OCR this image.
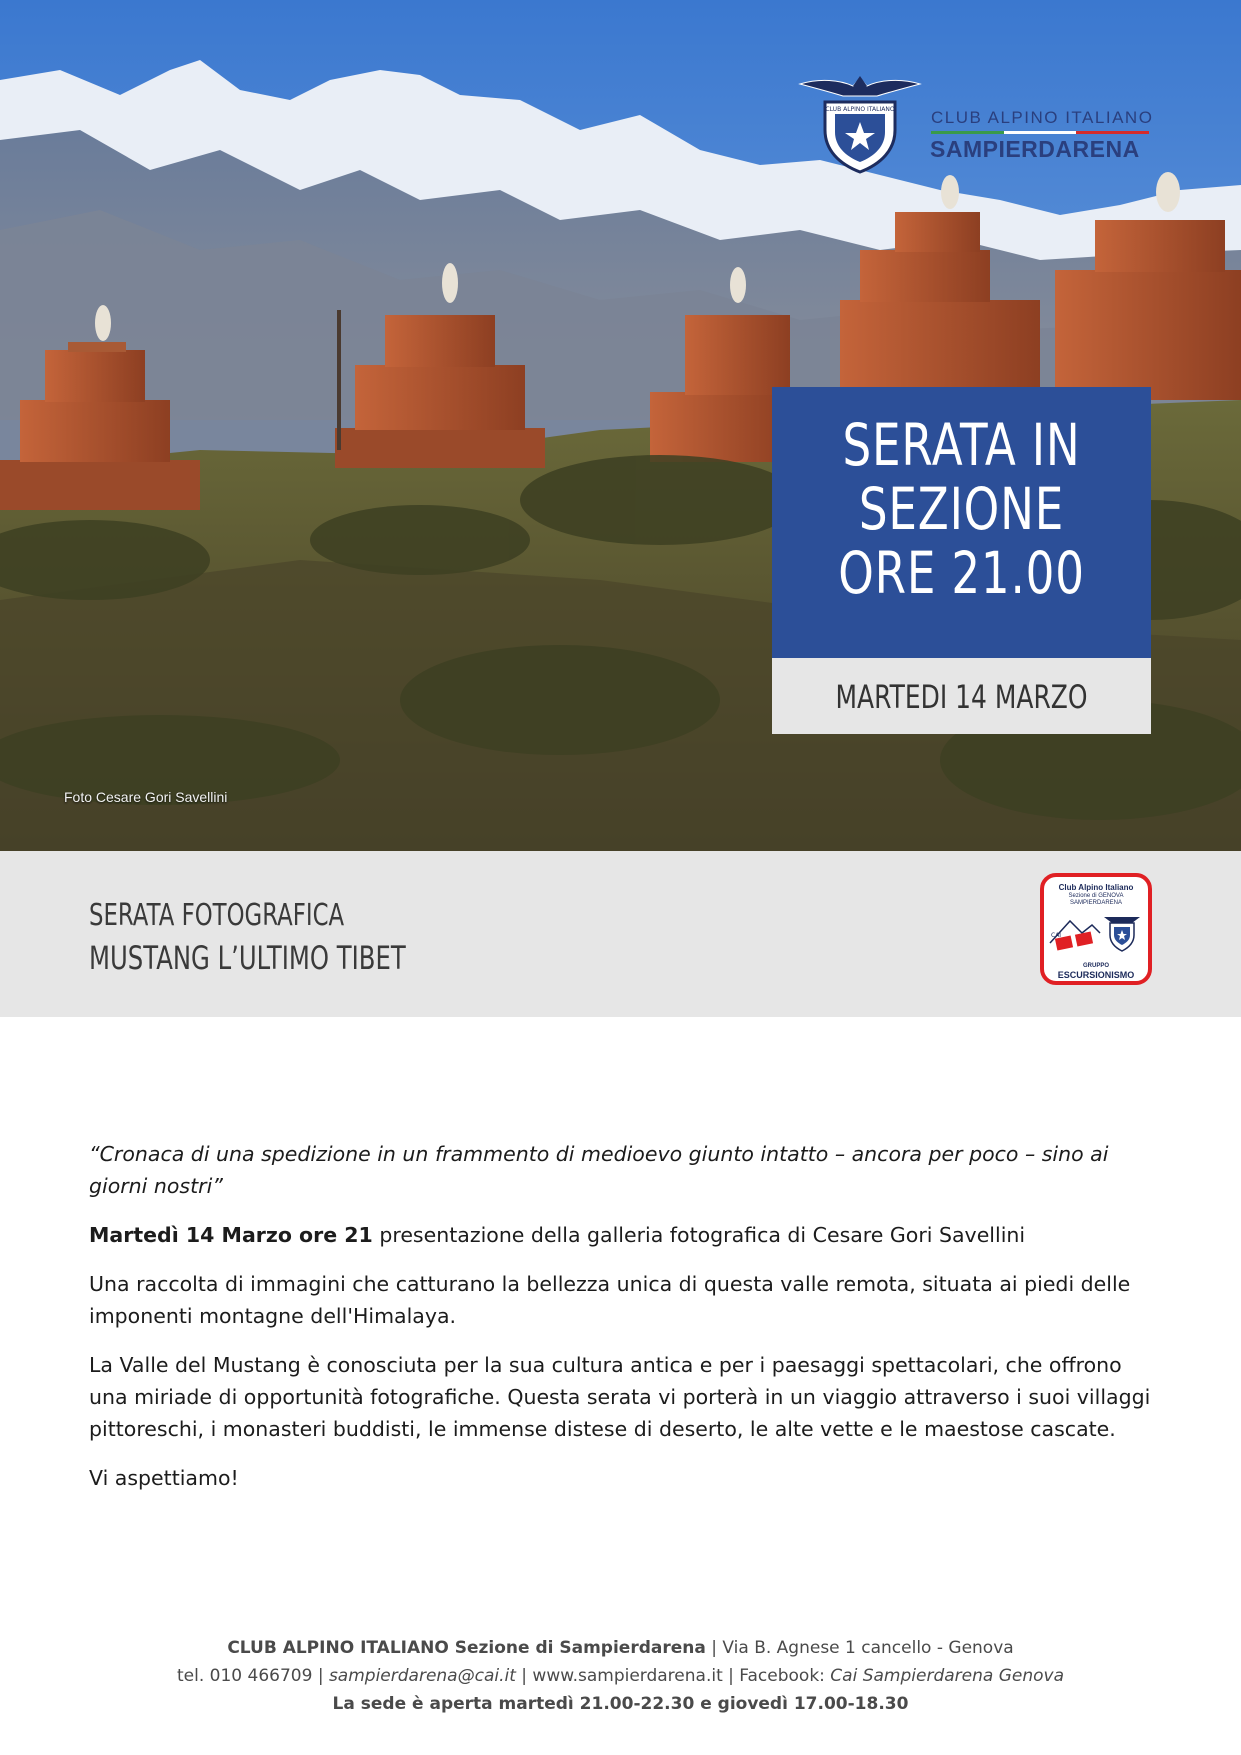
Foto Cesare Gori Savellini
CLUB ALPINO ITALIANO CLUB ALPINO ITALIANO
SAMPIERDARENA
SERATA IN
SEZIONE
ORE 21.00
MARTEDI 14 MARZO
SERATA FOTOGRAFICA
MUSTANG L’ULTIMO TIBET
Club Alpino Italiano
Sezione di GENOVA
SAMPIERDARENA
CAI
GRUPPO
ESCURSIONISMO

“Cronaca di una spedizione in un frammento di medioevo giunto intatto – ancora per poco – sino ai giorni nostri”

Martedì 14 Marzo ore 21 presentazione della galleria fotografica di Cesare Gori Savellini

Una raccolta di immagini che catturano la bellezza unica di questa valle remota, situata ai piedi delle imponenti montagne dell'Himalaya.

La Valle del Mustang è conosciuta per la sua cultura antica e per i paesaggi spettacolari, che offrono una miriade di opportunità fotografiche. Questa serata vi porterà in un viaggio attraverso i suoi villaggi pittoreschi, i monasteri buddisti, le immense distese di deserto, le alte vette e le maestose cascate.

Vi aspettiamo!

CLUB ALPINO ITALIANO Sezione di Sampierdarena | Via B. Agnese 1 cancello - Genova
tel. 010 466709 | sampierdarena@cai.it | www.sampierdarena.it | Facebook: Cai Sampierdarena Genova
La sede è aperta martedì 21.00-22.30 e giovedì 17.00-18.30
